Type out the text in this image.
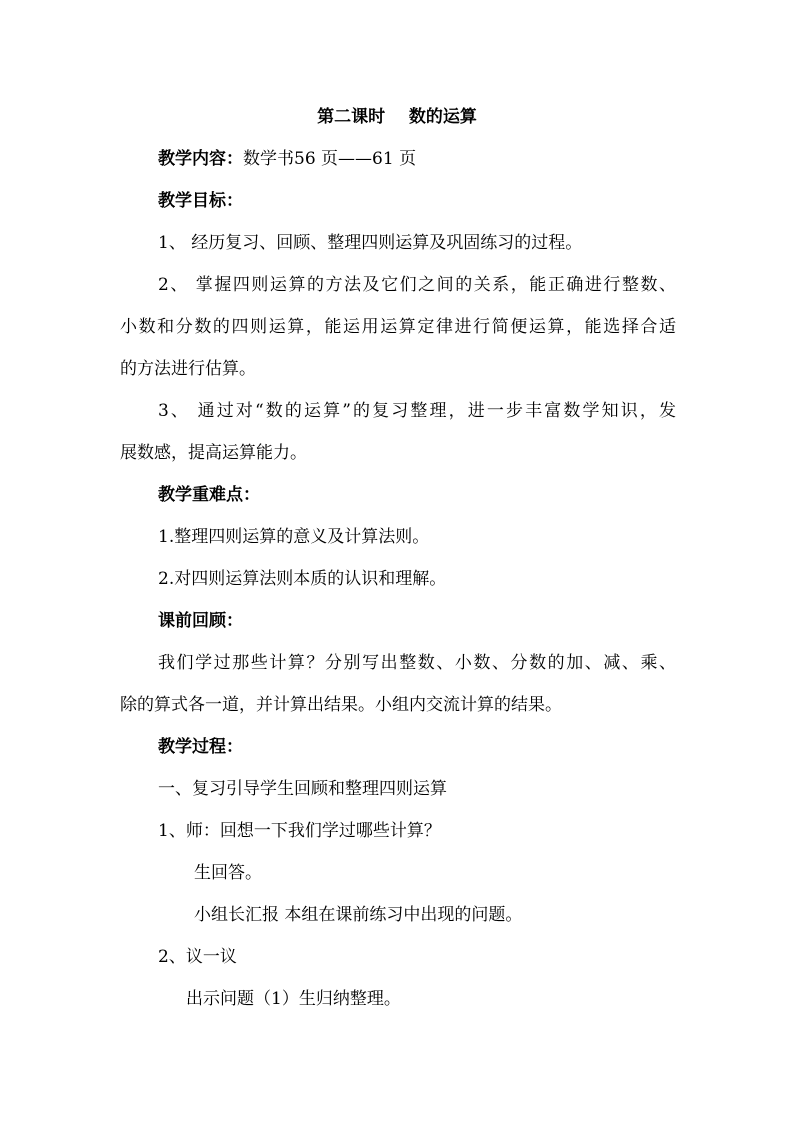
第二课时    数的运算
教学内容：数学书56 页——61 页
教学目标：
1、 经历复习、回顾、整理四则运算及巩固练习的过程。
2、 掌握四则运算的方法及它们之间的关系，能正确进行整数、
小数和分数的四则运算，能运用运算定律进行简便运算，能选择合适
的方法进行估算。
3、 通过对“数的运算”的复习整理，进一步丰富数学知识，发
展数感，提高运算能力。
教学重难点：
1.整理四则运算的意义及计算法则。
2.对四则运算法则本质的认识和理解。
课前回顾：
我们学过那些计算？分别写出整数、小数、分数的加、减、乘、
除的算式各一道，并计算出结果。小组内交流计算的结果。
教学过程：
一、复习引导学生回顾和整理四则运算
1、师：回想一下我们学过哪些计算？
生回答。
小组长汇报 本组在课前练习中出现的问题。
2、议一议
出示问题（1）生归纳整理。
